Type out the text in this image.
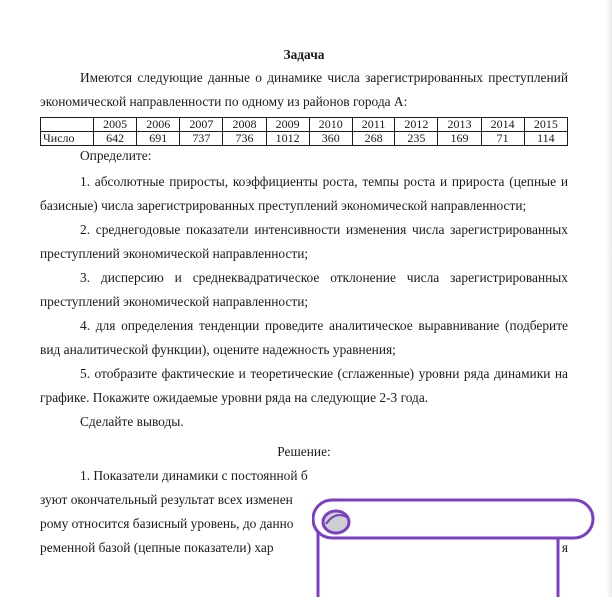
Задача

Имеются следующие данные о динамике числа зарегистрированных преступлений экономической направленности по одному из районов города А:

	2005	2006	2007	2008	2009	2010	2011	2012	2013	2014	2015
Число	642	691	737	736	1012	360	268	235	169	71	114

Определите:

1. абсолютные приросты, коэффициенты роста, темпы роста и прироста (цепные и базисные) числа зарегистрированных преступлений экономической направленности;

2. среднегодовые показатели интенсивности изменения числа зарегистрированных преступлений экономической направленности;

3. дисперсию и среднеквадратическое отклонение числа зарегистрированных преступлений экономической направленности;

4. для определения тенденции проведите аналитическое выравнивание (подберите вид аналитической функции), оцените надежность уравнения;

5. отобразите фактические и теоретические (сглаженные) уровни ряда динамики на графике. Покажите ожидаемые уровни ряда на следующие 2-3 года.

Сделайте выводы.

Решение:
1. Показатели динамики с постоянной б
зуют окончательный результат всех изменен
рому относится базисный уровень, до данно
ременной базой (цепные показатели) хар	я
